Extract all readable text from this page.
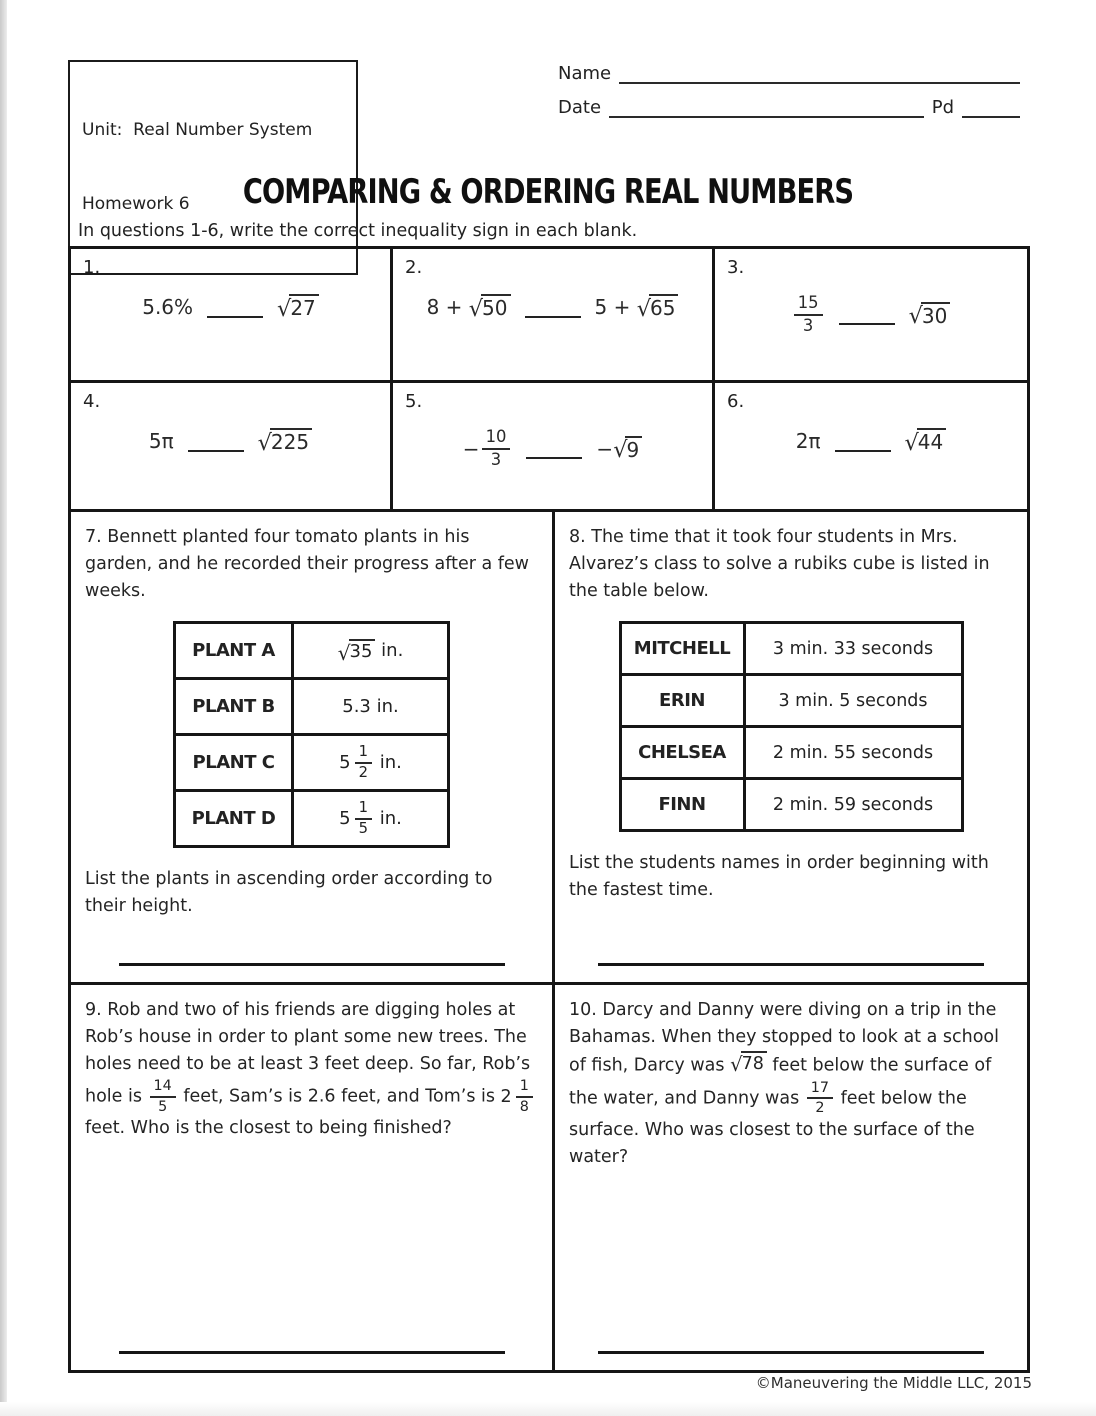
Unit:  Real Number System

Homework 6

Name
Date	Pd
COMPARING & ORDERING REAL NUMBERS
In questions 1-6, write the correct inequality sign in each blank.
1.
5.6%	√ 27
2.
8 + √ 50	5 + √ 65
3.
$\frac{15}{3}$	√ 30
4.
5π	√ 225
5.
− $\frac{10}{3}$	− √ 9
6.
2π	√ 44

7. Bennett planted four tomato plants in his garden, and he recorded their progress after a few weeks.

PLANT A	√ 35 in.

PLANT B	5.3 in.

PLANT C	$5 \frac{1}{2}$ in.

PLANT D	$5 \frac{1}{5}$ in.

List the plants in ascending order according to their height.

8. The time that it took four students in Mrs. Alvarez’s class to solve a rubiks cube is listed in the table below.

MITCHELL	3 min. 33 seconds

ERIN	3 min. 5 seconds

CHELSEA	2 min. 55 seconds

FINN	2 min. 59 seconds

List the students names in order beginning with the fastest time.

9. Rob and two of his friends are digging holes at Rob’s house in order to plant some new trees. The holes need to be at least 3 feet deep. So far, Rob’s hole is $\frac{14}{5}$ feet, Sam’s is 2.6 feet, and Tom’s is $2 \frac{1}{8}$ feet. Who is the closest to being finished?

10. Darcy and Danny were diving on a trip in the Bahamas. When they stopped to look at a school of fish, Darcy was √ 78 feet below the surface of the water, and Danny was $\frac{17}{2}$ feet below the surface. Who was closest to the surface of the water?

©Maneuvering the Middle LLC, 2015
